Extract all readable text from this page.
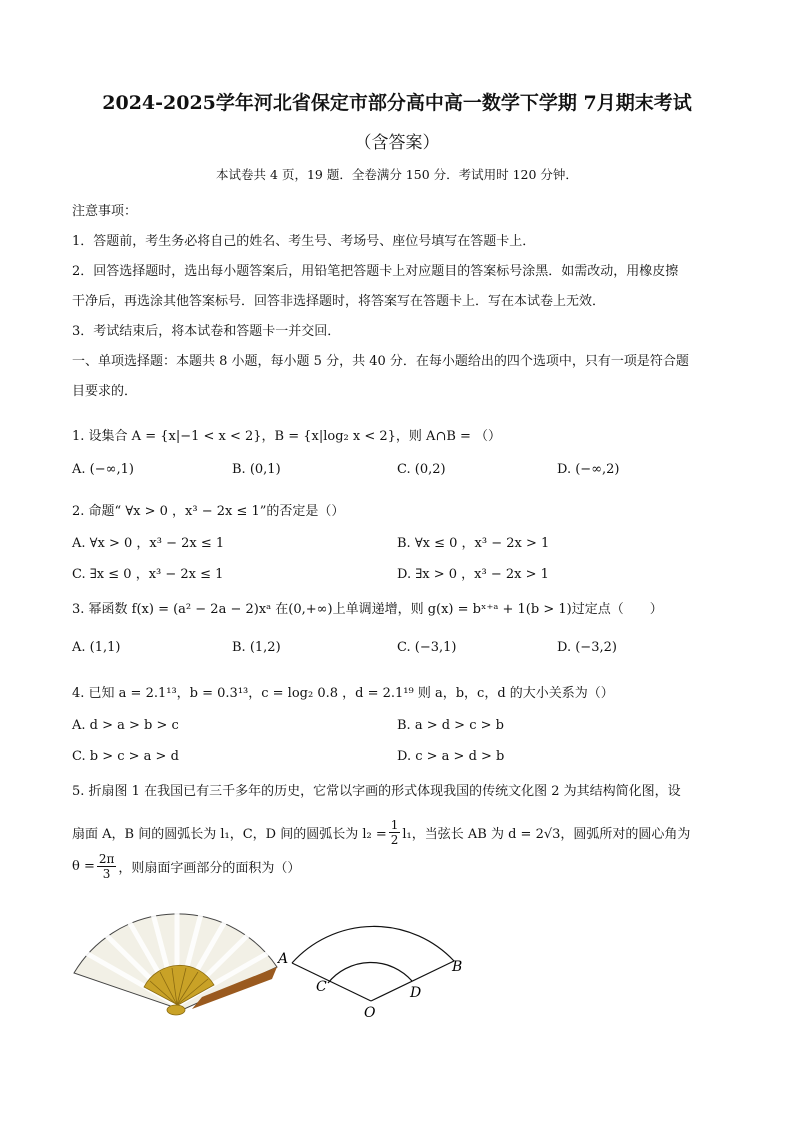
2024-2025学年河北省保定市部分高中高一数学下学期 7月期末考试
（含答案）
本试卷共 4 页，19 题．全卷满分 150 分．考试用时 120 分钟．
注意事项：
1．答题前，考生务必将自己的姓名、考生号、考场号、座位号填写在答题卡上．
2．回答选择题时，选出每小题答案后，用铅笔把答题卡上对应题目的答案标号涂黑．如需改动，用橡皮擦
干净后，再选涂其他答案标号．回答非选择题时，将答案写在答题卡上．写在本试卷上无效．
3．考试结束后，将本试卷和答题卡一并交回．
一、单项选择题：本题共 8 小题，每小题 5 分，共 40 分．在每小题给出的四个选项中，只有一项是符合题
目要求的．
1. 设集合 A = {x|−1 < x < 2}，B = {x|log₂ x < 2}，则 A∩B = （）
A. (−∞,1)	B. (0,1)	C. (0,2)	D. (−∞,2)
2. 命题“ ∀x > 0 ，x³ − 2x ≤ 1”的否定是（）
A. ∀x > 0 ，x³ − 2x ≤ 1	B. ∀x ≤ 0 ，x³ − 2x > 1
C. ∃x ≤ 0 ，x³ − 2x ≤ 1	D. ∃x > 0 ，x³ − 2x > 1
3. 幂函数 f(x) = (a² − 2a − 2)xᵃ 在(0,+∞)上单调递增，则 g(x) = bˣ⁺ᵃ + 1(b > 1)过定点（　　）
A. (1,1)	B. (1,2)	C. (−3,1)	D. (−3,2)
4. 已知 a = 2.1¹³，b = 0.3¹³，c = log₂ 0.8 ，d = 2.1¹⁹ 则 a，b，c，d 的大小关系为（）
A. d > a > b > c	B. a > d > c > b
C. b > c > a > d	D. c > a > d > b
5. 折扇图 1 在我国已有三千多年的历史，它常以字画的形式体现我国的传统文化图 2 为其结构简化图，设
扇面 A，B 间的圆弧长为 l₁，C，D 间的圆弧长为 $l_2 = \frac{1}{2} l_1$，当弦长 AB 为 d = 2√3，圆弧所对的圆心角为
$\theta = \frac{2\pi}{3}$ ，则扇面字画部分的面积为（）
A	B
C	D
O
